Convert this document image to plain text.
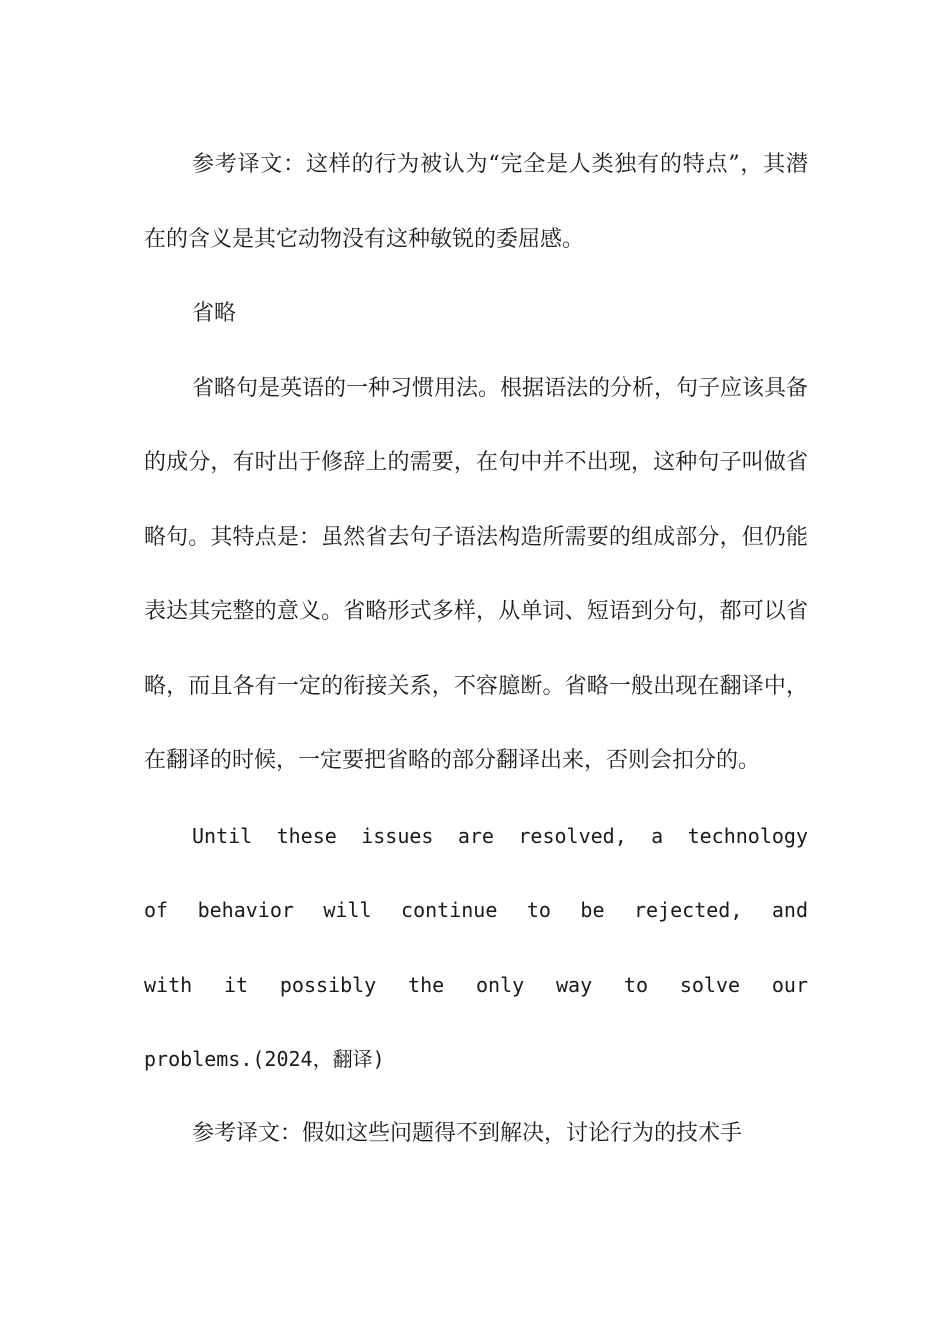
参考译文：这样的行为被认为“完全是人类独有的特点”，其潜在的含义是其它动物没有这种敏锐的委屈感。

省略

省略句是英语的一种习惯用法。根据语法的分析，句子应该具备的成分，有时出于修辞上的需要，在句中并不出现，这种句子叫做省略句。其特点是：虽然省去句子语法构造所需要的组成部分，但仍能表达其完整的意义。省略形式多样，从单词、短语到分句，都可以省略，而且各有一定的衔接关系，不容臆断。省略一般出现在翻译中，在翻译的时候，一定要把省略的部分翻译出来，否则会扣分的。

Until these issues are resolved, a technology of behavior will continue to be rejected, and with it possibly the only way to solve our problems.(2024，翻译)

参考译文：假如这些问题得不到解决，讨论行为的技术手
